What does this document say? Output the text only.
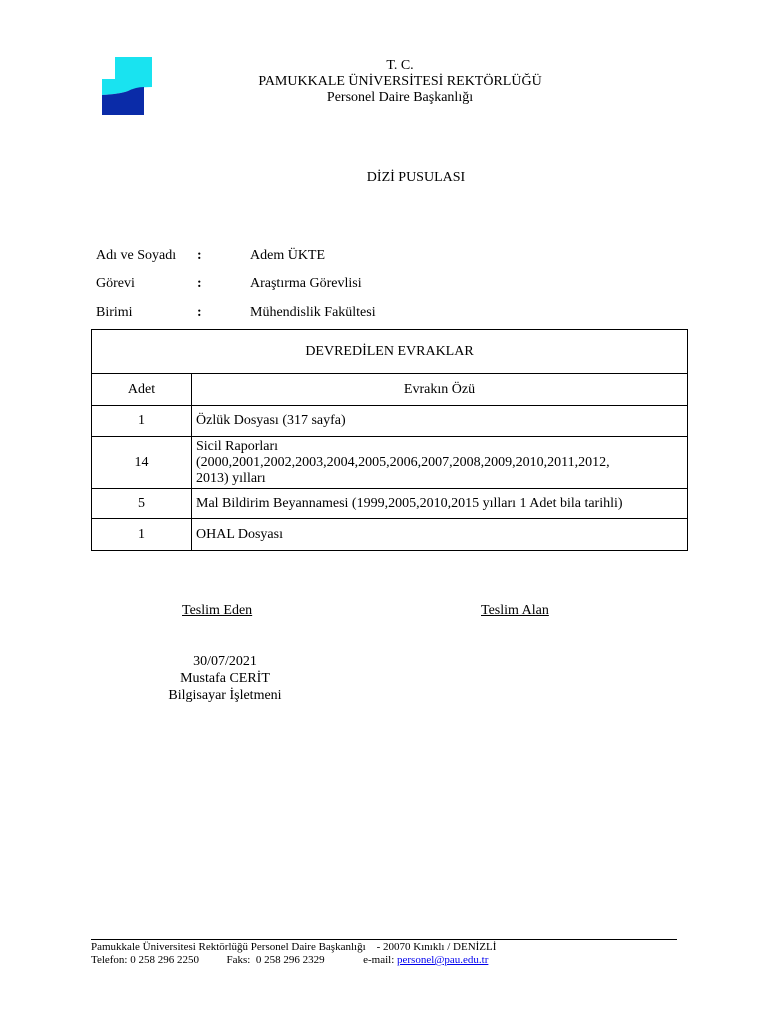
T. C.
PAMUKKALE ÜNİVERSİTESİ REKTÖRLÜĞÜ
Personel Daire Başkanlığı
DİZİ PUSULASI
Adı ve Soyadı :	Adem ÜKTE
Görevi	:	Araştırma Görevlisi
Birimi	:	Mühendislik Fakültesi
DEVREDİLEN EVRAKLAR	
Adet	Evrakın Özü
1	Özlük Dosyası (317 sayfa)
14	Sicil Raporları
(2000,2001,2002,2003,2004,2005,2006,2007,2008,2009,2010,2011,2012,
2013) yılları

5	Mal Bildirim Beyannamesi (1999,2005,2010,2015 yılları 1 Adet bila tarihli)
1	OHAL Dosyası
Teslim Eden	Teslim Alan
30/07/2021
Mustafa CERİT
Bilgisayar İşletmeni
Pamukkale Üniversitesi Rektörlüğü Personel Daire Başkanlığı - 20070 Kınıklı / DENİZLİ
Telefon: 0 258 296 2250	Faks:  0 258 296 2329	e-mail: personel@pau.edu.tr
